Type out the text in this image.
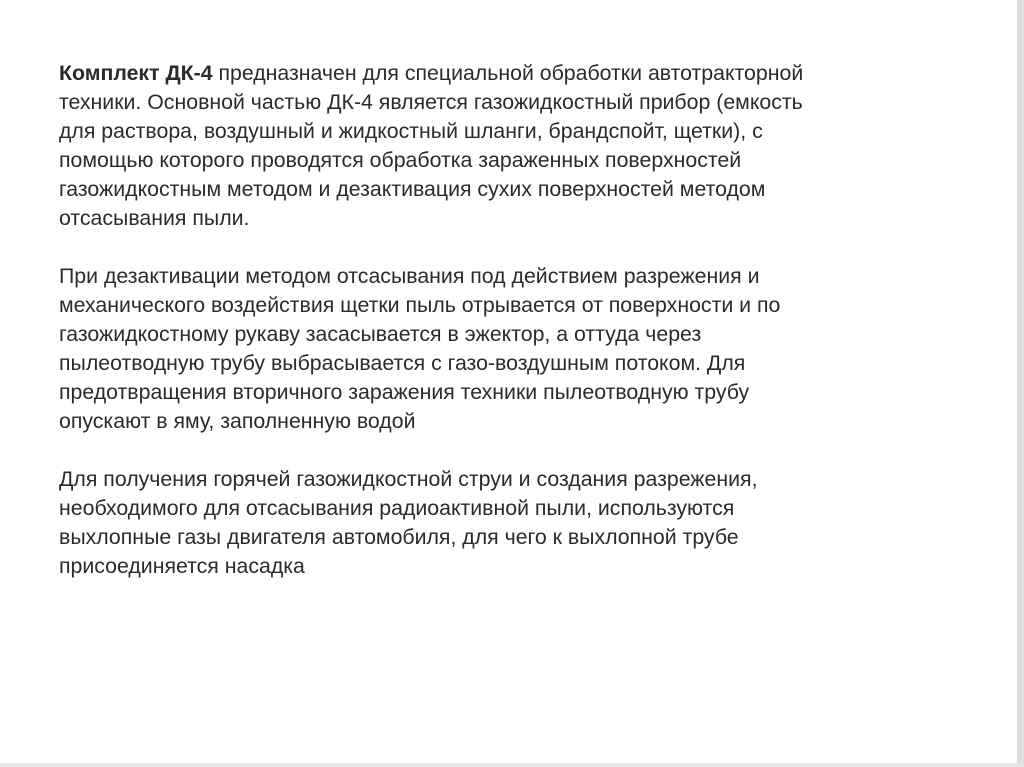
Комплект ДК-4 предназначен для специальной обработки автотракторной
техники. Основной частью ДК-4 является газожидкостный прибор (емкость
для раствора, воздушный и жидкостный шланги, брандспойт, щетки), с
помощью которого проводятся обработка зараженных поверхностей
газожидкостным методом и дезактивация сухих поверхностей методом
отсасывания пыли.

При дезактивации методом отсасывания под действием разрежения и
механического воздействия щетки пыль отрывается от поверхности и по
газожидкостному рукаву засасывается в эжектор, а оттуда через
пылеотводную трубу выбрасывается с газо-воздушным потоком. Для
предотвращения вторичного заражения техники пылеотводную трубу
опускают в яму, заполненную водой

Для получения горячей газожидкостной струи и создания разрежения,
необходимого для отсасывания радиоактивной пыли, используются
выхлопные газы двигателя автомобиля, для чего к выхлопной трубе
присоединяется насадка
